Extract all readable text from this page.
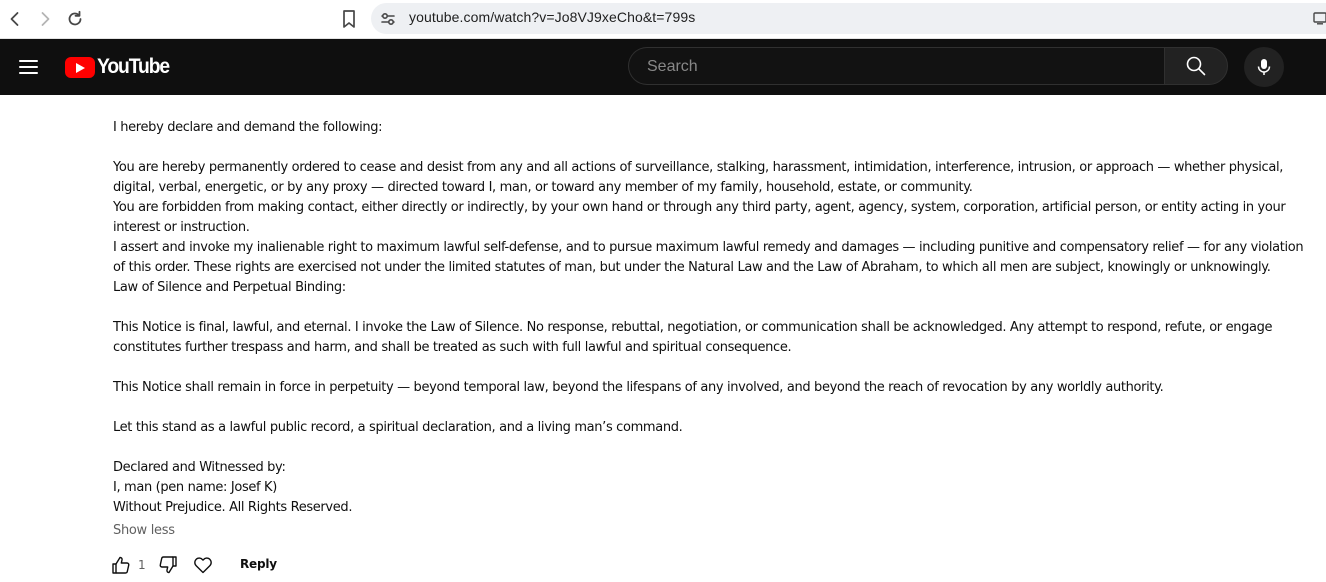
youtube.com/watch?v=Jo8VJ9xeCho&t=799s
YouTube
Search

I hereby declare and demand the following:

You are hereby permanently ordered to cease and desist from any and all actions of surveillance, stalking, harassment, intimidation, interference, intrusion, or approach — whether physical,

digital, verbal, energetic, or by any proxy — directed toward I, man, or toward any member of my family, household, estate, or community.

You are forbidden from making contact, either directly or indirectly, by your own hand or through any third party, agent, agency, system, corporation, artificial person, or entity acting in your

interest or instruction.

I assert and invoke my inalienable right to maximum lawful self-defense, and to pursue maximum lawful remedy and damages — including punitive and compensatory relief — for any violation

of this order. These rights are exercised not under the limited statutes of man, but under the Natural Law and the Law of Abraham, to which all men are subject, knowingly or unknowingly.

Law of Silence and Perpetual Binding:

This Notice is final, lawful, and eternal. I invoke the Law of Silence. No response, rebuttal, negotiation, or communication shall be acknowledged. Any attempt to respond, refute, or engage

constitutes further trespass and harm, and shall be treated as such with full lawful and spiritual consequence.

This Notice shall remain in force in perpetuity — beyond temporal law, beyond the lifespans of any involved, and beyond the reach of revocation by any worldly authority.

Let this stand as a lawful public record, a spiritual declaration, and a living man’s command.

Declared and Witnessed by:

I, man (pen name: Josef K)

Without Prejudice. All Rights Reserved.

Show less
1	Reply
